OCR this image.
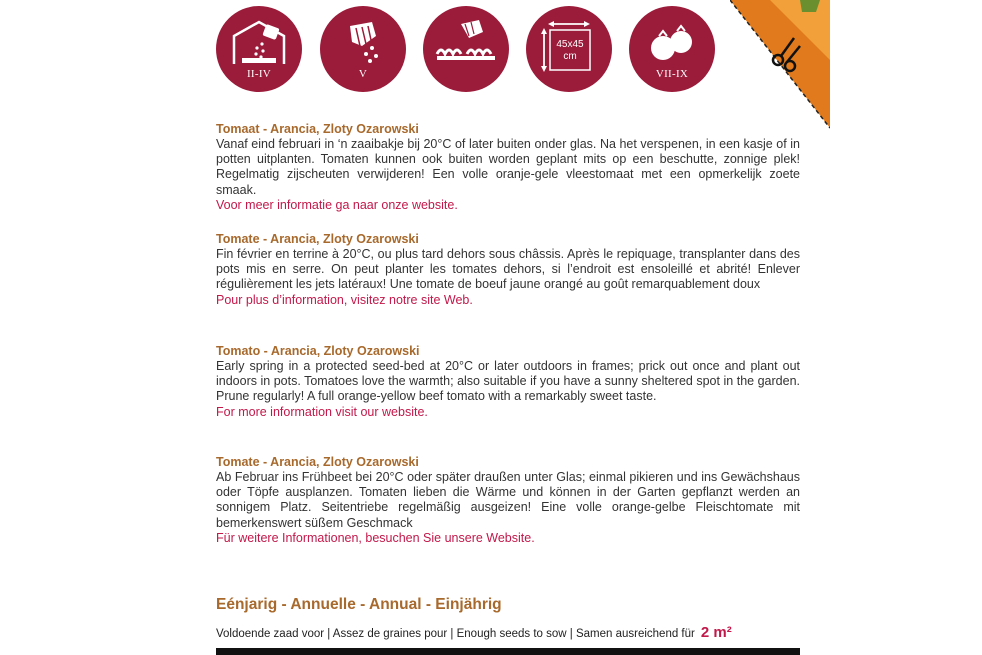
II-IV	V
45x45
cm
VII-IX

Tomaat - Arancia, Zloty Ozarowski

Vanaf eind februari in ‘n zaaibakje bij 20°C of later buiten onder glas. Na het verspenen, in een kasje of in potten uitplanten. Tomaten kunnen ook buiten worden geplant mits op een beschutte, zonnige plek! Regelmatig zijscheuten verwijderen! Een volle oranje-gele vleestomaat met een opmerkelijk zoete smaak.

Voor meer informatie ga naar onze website.

Tomate - Arancia, Zloty Ozarowski

Fin février en terrine à 20°C, ou plus tard dehors sous châssis. Après le repiquage, transplanter dans des pots mis en serre. On peut planter les tomates dehors, si l’endroit est ensoleillé et abrité! Enlever régulièrement les jets latéraux! Une tomate de boeuf jaune orangé au goût remarquablement doux

Pour plus d’information, visitez notre site Web.

Tomato - Arancia, Zloty Ozarowski

Early spring in a protected seed-bed at 20°C or later outdoors in frames; prick out once and plant out indoors in pots. Tomatoes love the warmth; also suitable if you have a sunny sheltered spot in the garden. Prune regularly! A full orange-yellow beef tomato with a remarkably sweet taste.

For more information visit our website.

Tomate - Arancia, Zloty Ozarowski

Ab Februar ins Frühbeet bei 20°C oder später draußen unter Glas; einmal pikieren und ins Gewächshaus oder Töpfe ausplanzen. Tomaten lieben die Wärme und können in der Garten gepflanzt werden an sonnigem Platz. Seitentriebe regelmäßig ausgeizen! Eine volle orange-gelbe Fleischtomate mit bemerkenswert süßem Geschmack

Für weitere Informationen, besuchen Sie unsere Website.

Eénjarig - Annuelle - Annual - Einjährig
Voldoende zaad voor | Assez de graines pour | Enough seeds to sow | Samen ausreichend für 2 m²
